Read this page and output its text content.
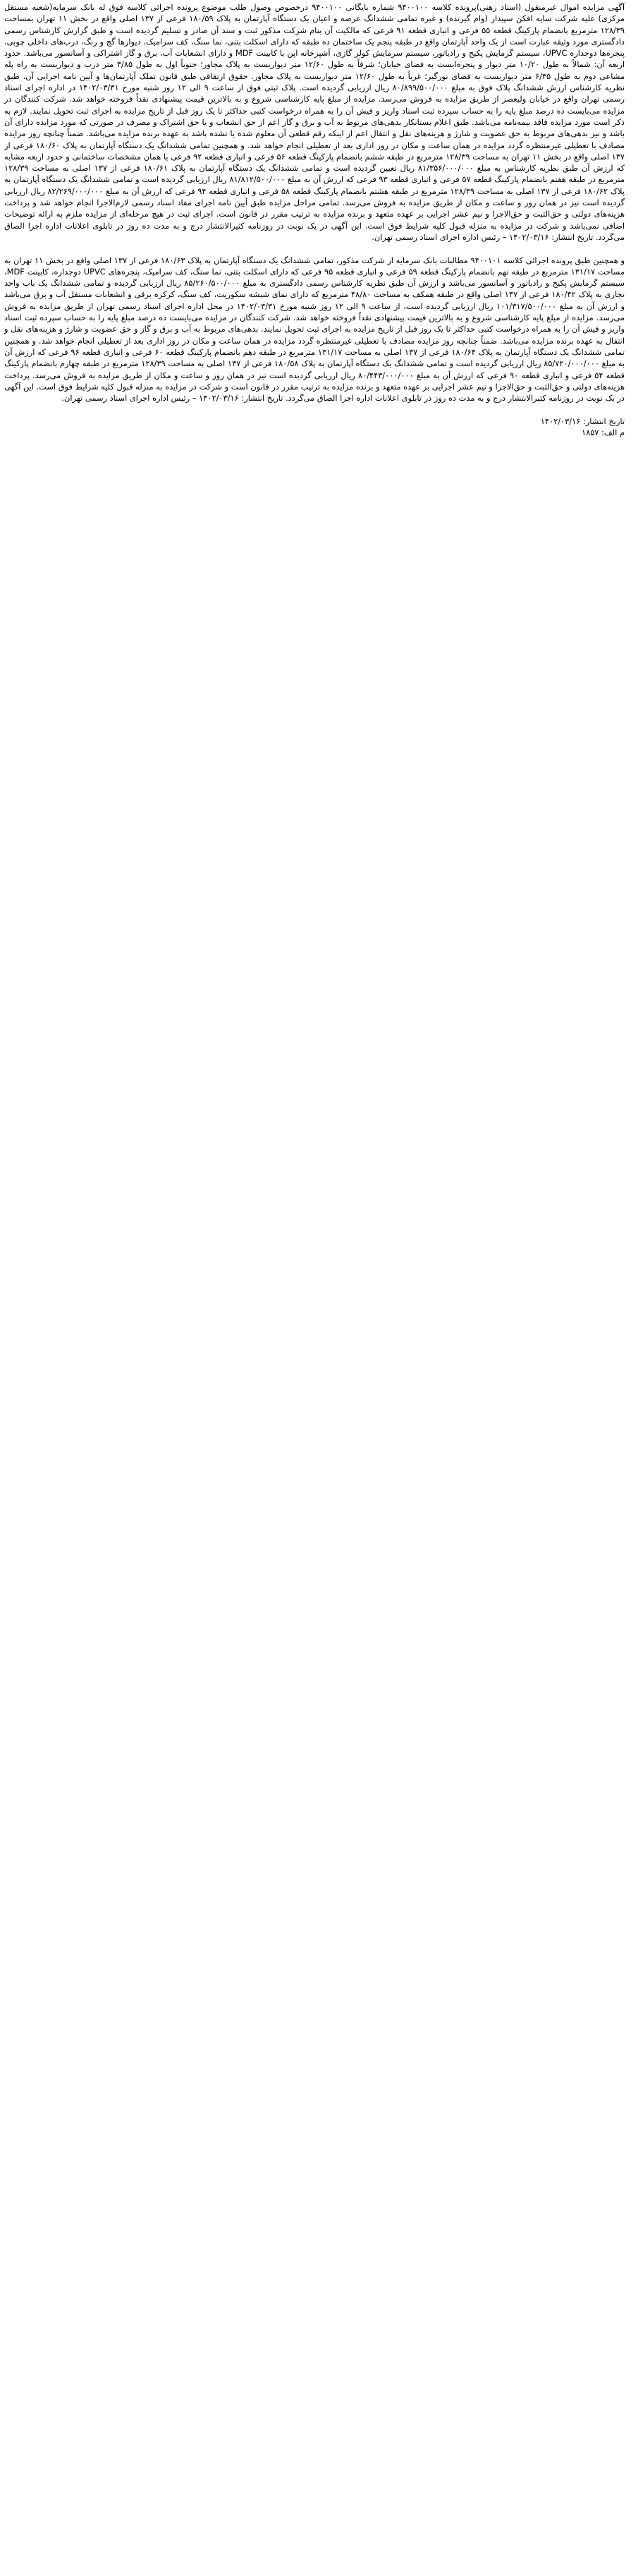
آگهی مزایده اموال غیرمنقول (اسناد رهنی)پرونده کلاسه ۹۴۰۰۱۰۰ شماره بایگانی ۹۴۰۰۱۰۰ درخصوص وصول طلب موضوع پرونده اجرائی کلاسه فوق له بانک سرمایه(شعبه مستقل مرکزی) علیه شرکت سایه افکن سپیدار (وام گیرنده) و غیره تمامی ششدانگ عرصه و اعیان یک دستگاه آپارتمان به پلاک ۱۸۰/۵۹ فرعی از ۱۳۷ اصلی واقع در بخش ۱۱ تهران بمساحت ۱۲۸/۳۹ مترمربع بانضمام پارکینگ قطعه ۵۵ فرعی و انباری قطعه ۹۱ فرعی که مالکیت آن بنام شرکت مذکور ثبت و سند آن صادر و تسلیم گردیده است و طبق گزارش کارشناس رسمی دادگستری مورد وثیقه عبارت است از یک واحد آپارتمان واقع در طبقه پنجم یک ساختمان ده طبقه که دارای اسکلت بتنی، نما سنگ، کف سرامیک، دیوارها گچ و رنگ، درب‌های داخلی چوبی، پنجره‌ها دوجداره UPVC، سیستم گرمایش پکیج و رادیاتور، سیستم سرمایش کولر گازی، آشپزخانه اپن با کابینت MDF و دارای انشعابات آب، برق و گاز اشتراکی و آسانسور می‌باشد. حدود اربعه آن: شمالاً به طول ۱۰/۲۰ متر دیوار و پنجره‌ایست به فضای خیابان؛ شرقاً به طول ۱۲/۶۰ متر دیواریست به پلاک مجاور؛ جنوباً اول به طول ۳/۸۵ متر درب و دیواریست به راه پله مشاعی دوم به طول ۶/۳۵ متر دیواریست به فضای نورگیر؛ غرباً به طول ۱۲/۶۰ متر دیواریست به پلاک مجاور. حقوق ارتفاقی طبق قانون تملک آپارتمان‌ها و آیین نامه اجرایی آن. طبق نظریه کارشناس ارزش ششدانگ پلاک فوق به مبلغ ۸۰/۸۹۹/۵۰۰/۰۰۰ ریال ارزیابی گردیده است. پلاک ثبتی فوق از ساعت ۹ الی ۱۲ روز شنبه مورخ ۱۴۰۲/۰۳/۳۱ در اداره اجرای اسناد رسمی تهران واقع در خیابان ولیعصر از طریق مزایده به فروش می‌رسد. مزایده از مبلغ پایه کارشناسی شروع و به بالاترین قیمت پیشنهادی نقداً فروخته خواهد شد. شرکت کنندگان در مزایده می‌بایست ده درصد مبلغ پایه را به حساب سپرده ثبت اسناد واریز و فیش آن را به همراه درخواست کتبی حداکثر تا یک روز قبل از تاریخ مزایده به اجرای ثبت تحویل نمایند. لازم به ذکر است مورد مزایده فاقد بیمه‌نامه می‌باشد. طبق اعلام بستانکار بدهی‌های مربوط به آب و برق و گاز اعم از حق انشعاب و یا حق اشتراک و مصرف در صورتی که مورد مزایده دارای آن باشد و نیز بدهی‌های مربوط به حق عضویت و شارژ و هزینه‌های نقل و انتقال اعم از اینکه رقم قطعی آن معلوم شده یا نشده باشد به عهده برنده مزایده می‌باشد. ضمناً چنانچه روز مزایده مصادف با تعطیلی غیرمنتظره گردد مزایده در همان ساعت و مکان در روز اداری بعد از تعطیلی انجام خواهد شد. و همچنین تمامی ششدانگ یک دستگاه آپارتمان به پلاک ۱۸۰/۶۰ فرعی از ۱۳۷ اصلی واقع در بخش ۱۱ تهران به مساحت ۱۲۸/۳۹ مترمربع در طبقه ششم بانضمام پارکینگ قطعه ۵۶ فرعی و انباری قطعه ۹۲ فرعی با همان مشخصات ساختمانی و حدود اربعه مشابه که ارزش آن طبق نظریه کارشناس به مبلغ ۸۱/۳۵۶/۰۰۰/۰۰۰ ریال تعیین گردیده است و تمامی ششدانگ یک دستگاه آپارتمان به پلاک ۱۸۰/۶۱ فرعی از ۱۳۷ اصلی به مساحت ۱۲۸/۳۹ مترمربع در طبقه هفتم بانضمام پارکینگ قطعه ۵۷ فرعی و انباری قطعه ۹۳ فرعی که ارزش آن به مبلغ ۸۱/۸۱۲/۵۰۰/۰۰۰ ریال ارزیابی گردیده است و تمامی ششدانگ یک دستگاه آپارتمان به پلاک ۱۸۰/۶۲ فرعی از ۱۳۷ اصلی به مساحت ۱۲۸/۳۹ مترمربع در طبقه هشتم بانضمام پارکینگ قطعه ۵۸ فرعی و انباری قطعه ۹۴ فرعی که ارزش آن به مبلغ ۸۲/۲۶۹/۰۰۰/۰۰۰ ریال ارزیابی گردیده است نیز در همان روز و ساعت و مکان از طریق مزایده به فروش می‌رسد. تمامی مراحل مزایده طبق آیین نامه اجرای مفاد اسناد رسمی لازم‌الاجرا انجام خواهد شد و پرداخت هزینه‌های دولتی و حق‌الثبت و حق‌الاجرا و نیم عشر اجرایی بر عهده متعهد و برنده مزایده به ترتیب مقرر در قانون است. اجرای ثبت در هیچ مرحله‌ای از مزایده ملزم به ارائه توضیحات اضافی نمی‌باشد و شرکت در مزایده به منزله قبول کلیه شرایط فوق است. این آگهی در یک نوبت در روزنامه کثیرالانتشار درج و به مدت ده روز در تابلوی اعلانات اداره اجرا الصاق می‌گردد. تاریخ انتشار: ۱۴۰۲/۰۳/۱۶ – رئیس اداره اجرای اسناد رسمی تهران.

و همچنین طبق پرونده اجرائی کلاسه ۹۴۰۰۱۰۱ مطالبات بانک سرمایه از شرکت مذکور، تمامی ششدانگ یک دستگاه آپارتمان به پلاک ۱۸۰/۶۳ فرعی از ۱۳۷ اصلی واقع در بخش ۱۱ تهران به مساحت ۱۳۱/۱۷ مترمربع در طبقه نهم بانضمام پارکینگ قطعه ۵۹ فرعی و انباری قطعه ۹۵ فرعی که دارای اسکلت بتنی، نما سنگ، کف سرامیک، پنجره‌های UPVC دوجداره، کابینت MDF، سیستم گرمایش پکیج و رادیاتور و آسانسور می‌باشد و ارزش آن طبق نظریه کارشناس رسمی دادگستری به مبلغ ۸۵/۲۶۰/۵۰۰/۰۰۰ ریال ارزیابی گردیده و تمامی ششدانگ یک باب واحد تجاری به پلاک ۱۸۰/۴۲ فرعی از ۱۳۷ اصلی واقع در طبقه همکف به مساحت ۴۸/۸۰ مترمربع که دارای نمای شیشه سکوریت، کف سنگ، کرکره برقی و انشعابات مستقل آب و برق می‌باشد و ارزش آن به مبلغ ۱۰۱/۳۱۷/۵۰۰/۰۰۰ ریال ارزیابی گردیده است، از ساعت ۹ الی ۱۲ روز شنبه مورخ ۱۴۰۲/۰۳/۳۱ در محل اداره اجرای اسناد رسمی تهران از طریق مزایده به فروش می‌رسد. مزایده از مبلغ پایه کارشناسی شروع و به بالاترین قیمت پیشنهادی نقداً فروخته خواهد شد. شرکت کنندگان در مزایده می‌بایست ده درصد مبلغ پایه را به حساب سپرده ثبت اسناد واریز و فیش آن را به همراه درخواست کتبی حداکثر تا یک روز قبل از تاریخ مزایده به اجرای ثبت تحویل نمایند. بدهی‌های مربوط به آب و برق و گاز و حق عضویت و شارژ و هزینه‌های نقل و انتقال به عهده برنده مزایده می‌باشد. ضمناً چنانچه روز مزایده مصادف با تعطیلی غیرمنتظره گردد مزایده در همان ساعت و مکان در روز اداری بعد از تعطیلی انجام خواهد شد. و همچنین تمامی ششدانگ یک دستگاه آپارتمان به پلاک ۱۸۰/۶۴ فرعی از ۱۳۷ اصلی به مساحت ۱۳۱/۱۷ مترمربع در طبقه دهم بانضمام پارکینگ قطعه ۶۰ فرعی و انباری قطعه ۹۶ فرعی که ارزش آن به مبلغ ۸۵/۷۲۰/۰۰۰/۰۰۰ ریال ارزیابی گردیده است و تمامی ششدانگ یک دستگاه آپارتمان به پلاک ۱۸۰/۵۸ فرعی از ۱۳۷ اصلی به مساحت ۱۲۸/۳۹ مترمربع در طبقه چهارم بانضمام پارکینگ قطعه ۵۴ فرعی و انباری قطعه ۹۰ فرعی که ارزش آن به مبلغ ۸۰/۴۴۳/۰۰۰/۰۰۰ ریال ارزیابی گردیده است نیز در همان روز و ساعت و مکان از طریق مزایده به فروش می‌رسد. پرداخت هزینه‌های دولتی و حق‌الثبت و حق‌الاجرا و نیم عشر اجرایی بر عهده متعهد و برنده مزایده به ترتیب مقرر در قانون است و شرکت در مزایده به منزله قبول کلیه شرایط فوق است. این آگهی در یک نوبت در روزنامه کثیرالانتشار درج و به مدت ده روز در تابلوی اعلانات اداره اجرا الصاق می‌گردد. تاریخ انتشار: ۱۴۰۲/۰۳/۱۶ – رئیس اداره اجرای اسناد رسمی تهران.

تاریخ انتشار: ۱۴۰۲/۰۳/۱۶
م الف: ۱۸۵۷
